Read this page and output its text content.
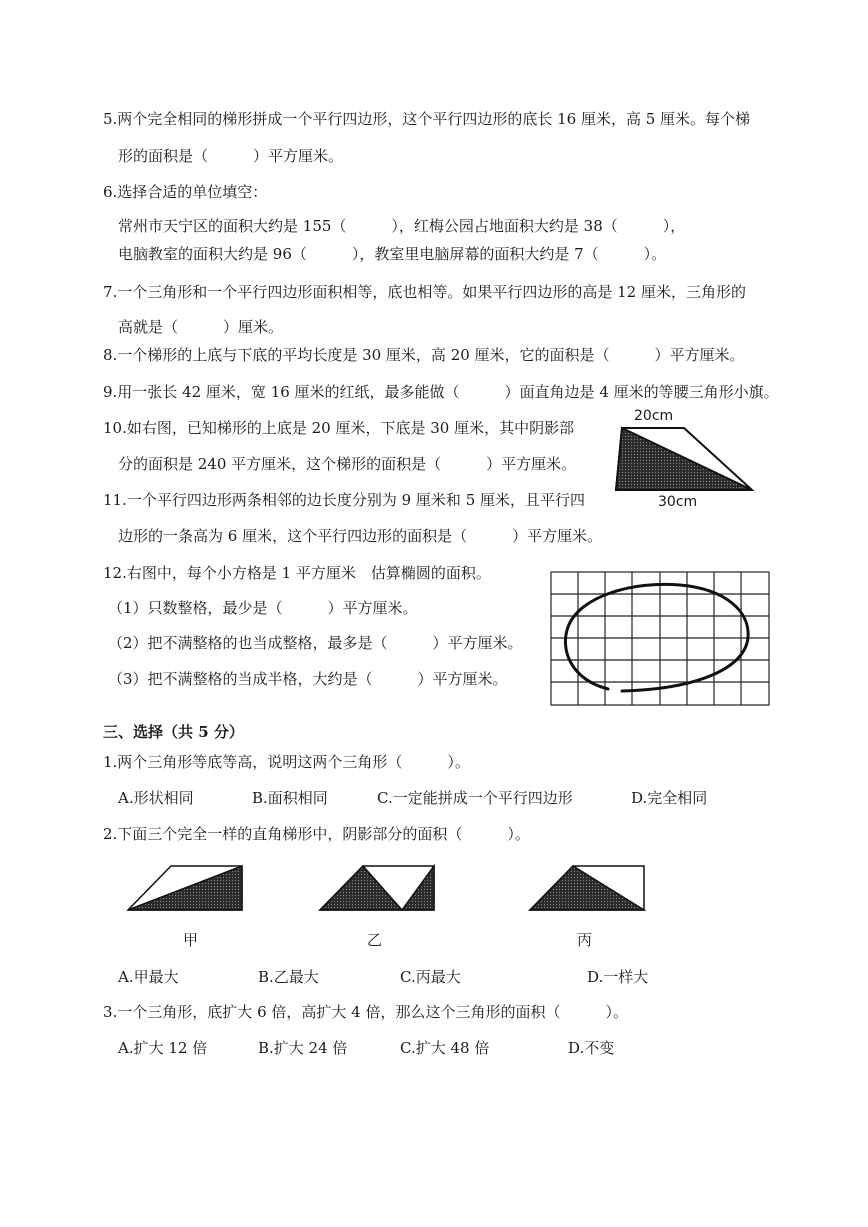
5.两个完全相同的梯形拼成一个平行四边形，这个平行四边形的底长 16 厘米，高 5 厘米。每个梯
形的面积是（　　　）平方厘米。
6.选择合适的单位填空：
常州市天宁区的面积大约是 155（　　　），红梅公园占地面积大约是 38（　　　），
电脑教室的面积大约是 96（　　　），教室里电脑屏幕的面积大约是 7（　　　）。
7.一个三角形和一个平行四边形面积相等，底也相等。如果平行四边形的高是 12 厘米，三角形的
高就是（　　　）厘米。
8.一个梯形的上底与下底的平均长度是 30 厘米，高 20 厘米，它的面积是（　　　）平方厘米。
9.用一张长 42 厘米，宽 16 厘米的红纸，最多能做（　　　）面直角边是 4 厘米的等腰三角形小旗。
10.如右图，已知梯形的上底是 20 厘米，下底是 30 厘米，其中阴影部
分的面积是 240 平方厘米，这个梯形的面积是（　　　）平方厘米。
20cm
30cm
11.一个平行四边形两条相邻的边长度分别为 9 厘米和 5 厘米，且平行四
边形的一条高为 6 厘米，这个平行四边形的面积是（　　　）平方厘米。
12.右图中，每个小方格是 1 平方厘米　估算椭圆的面积。
（1）只数整格，最少是（　　　）平方厘米。
（2）把不满整格的也当成整格，最多是（　　　）平方厘米。
（3）把不满整格的当成半格，大约是（　　　）平方厘米。
三、选择（共 5 分）
1.两个三角形等底等高，说明这两个三角形（　　　）。
A.形状相同	B.面积相同	C.一定能拼成一个平行四边形	D.完全相同
2.下面三个完全一样的直角梯形中，阴影部分的面积（　　　）。
甲	乙	丙
A.甲最大	B.乙最大	C.丙最大	D.一样大
3.一个三角形，底扩大 6 倍，高扩大 4 倍，那么这个三角形的面积（　　　）。
A.扩大 12 倍	B.扩大 24 倍	C.扩大 48 倍	D.不变
